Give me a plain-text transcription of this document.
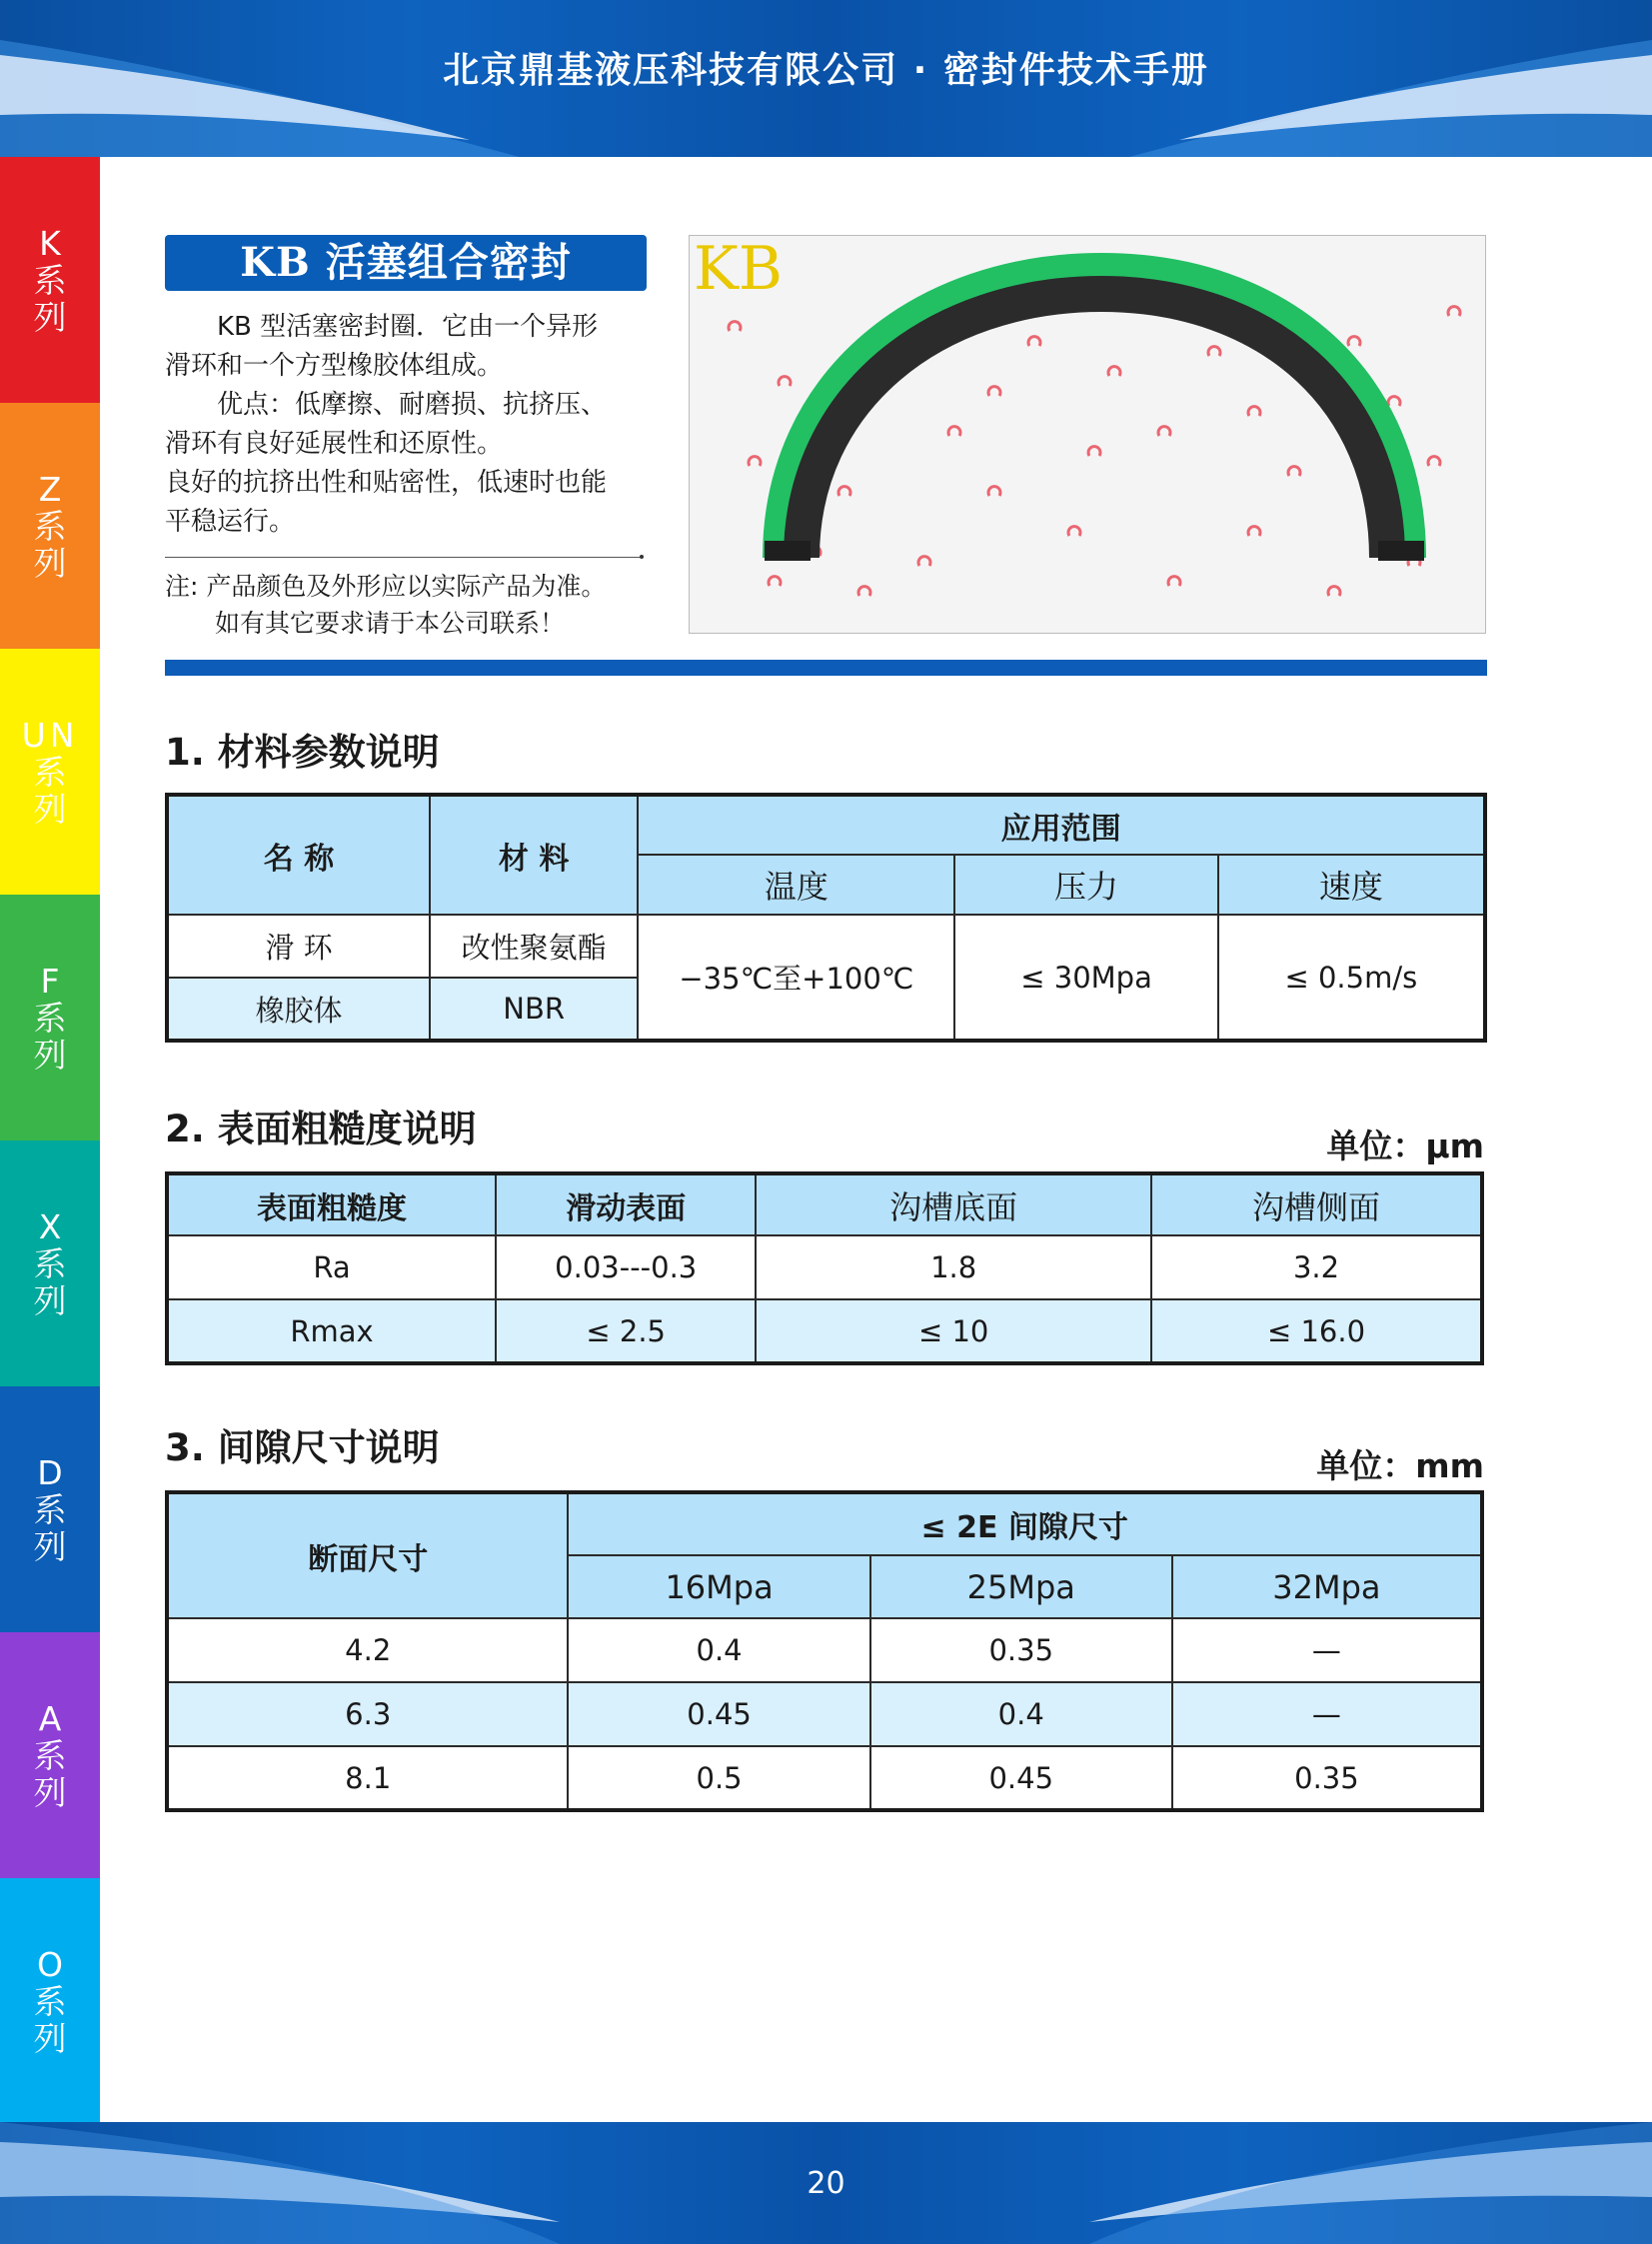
北京鼎基液压科技有限公司 · 密封件技术手册
K
系
列
Z
系
列
UN
系
列
F
系
列
X
系
列
D
系
列
A
系
列
O
系
列
KB 活塞组合密封

　　KB 型活塞密封圈．它由一个异形

滑环和一个方型橡胶体组成。

　　优点：低摩擦、耐磨损、抗挤压、

滑环有良好延展性和还原性。

良好的抗挤出性和贴密性，低速时也能

平稳运行。

注: 产品颜色及外形应以实际产品为准。

　　如有其它要求请于本公司联系！

KB
1. 材料参数说明
名 称	材 料	应用范围		
		温度	压力	速度
滑 环	改性聚氨酯	−35℃至+100℃	≤ 30Mpa	≤ 0.5m/s
橡胶体	NBR			
2. 表面粗糙度说明	单位：μm
表面粗糙度	滑动表面	沟槽底面	沟槽侧面
Ra	0.03---0.3	1.8	3.2
Rmax	≤ 2.5	≤ 10	≤ 16.0
3. 间隙尺寸说明	单位：mm
断面尺寸	≤ 2E 间隙尺寸		
	16Mpa	25Mpa	32Mpa
4.2	0.4	0.35	—
6.3	0.45	0.4	—
8.1	0.5	0.45	0.35
20
